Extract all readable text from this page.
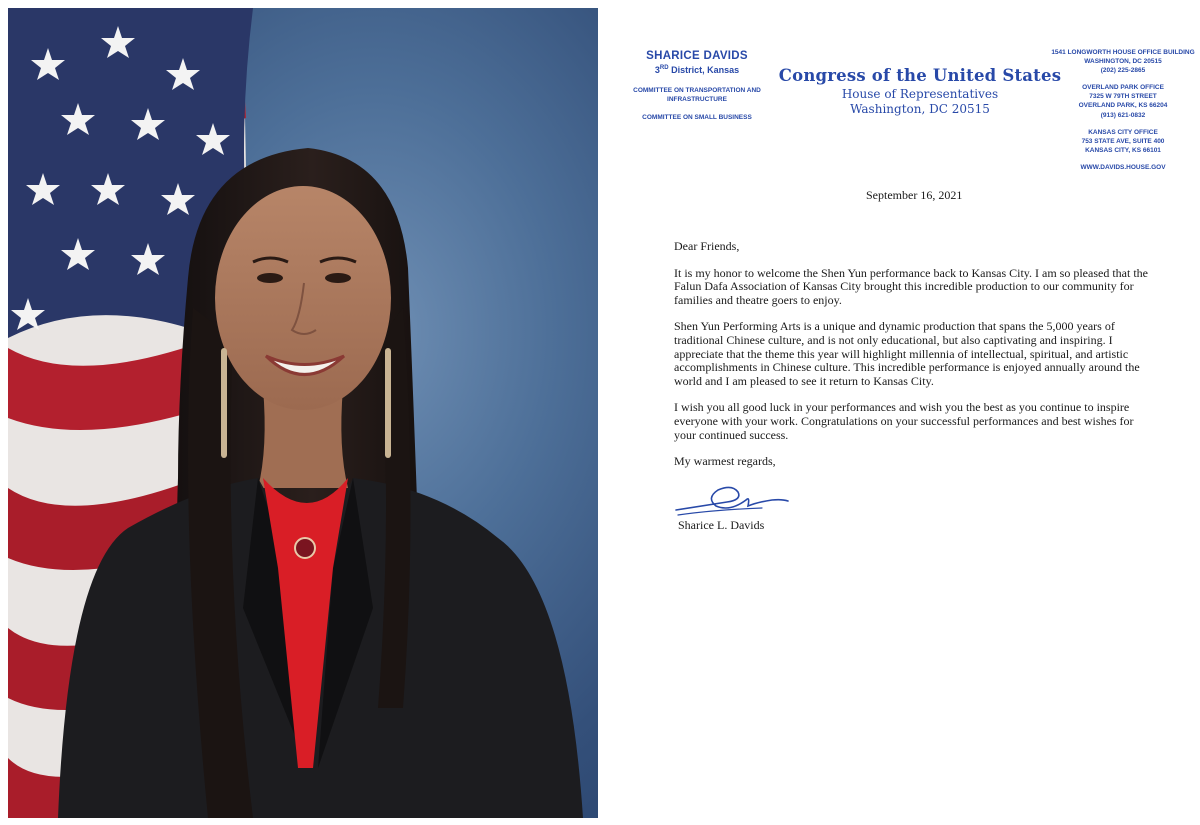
SHARICE DAVIDS
3RD District, Kansas
COMMITTEE ON TRANSPORTATION AND INFRASTRUCTURE
COMMITTEE ON SMALL BUSINESS
Congress of the United States
House of Representatives
Washington, DC 20515
1541 LONGWORTH HOUSE OFFICE BUILDING
WASHINGTON, DC 20515
(202) 225-2865
OVERLAND PARK OFFICE
7325 W 79TH STREET
OVERLAND PARK, KS 66204
(913) 621-0832
KANSAS CITY OFFICE
753 STATE AVE, SUITE 400
KANSAS CITY, KS 66101
WWW.DAVIDS.HOUSE.GOV
September 16, 2021

Dear Friends,

It is my honor to welcome the Shen Yun performance back to Kansas City. I am so pleased that the Falun Dafa Association of Kansas City brought this incredible production to our community for families and theatre goers to enjoy.

Shen Yun Performing Arts is a unique and dynamic production that spans the 5,000 years of traditional Chinese culture, and is not only educational, but also captivating and inspiring. I appreciate that the theme this year will highlight millennia of intellectual, spiritual, and artistic accomplishments in Chinese culture. This incredible performance is enjoyed annually around the world and I am pleased to see it return to Kansas City.

I wish you all good luck in your performances and wish you the best as you continue to inspire everyone with your work. Congratulations on your successful performances and best wishes for your continued success.

My warmest regards,

Sharice L. Davids
